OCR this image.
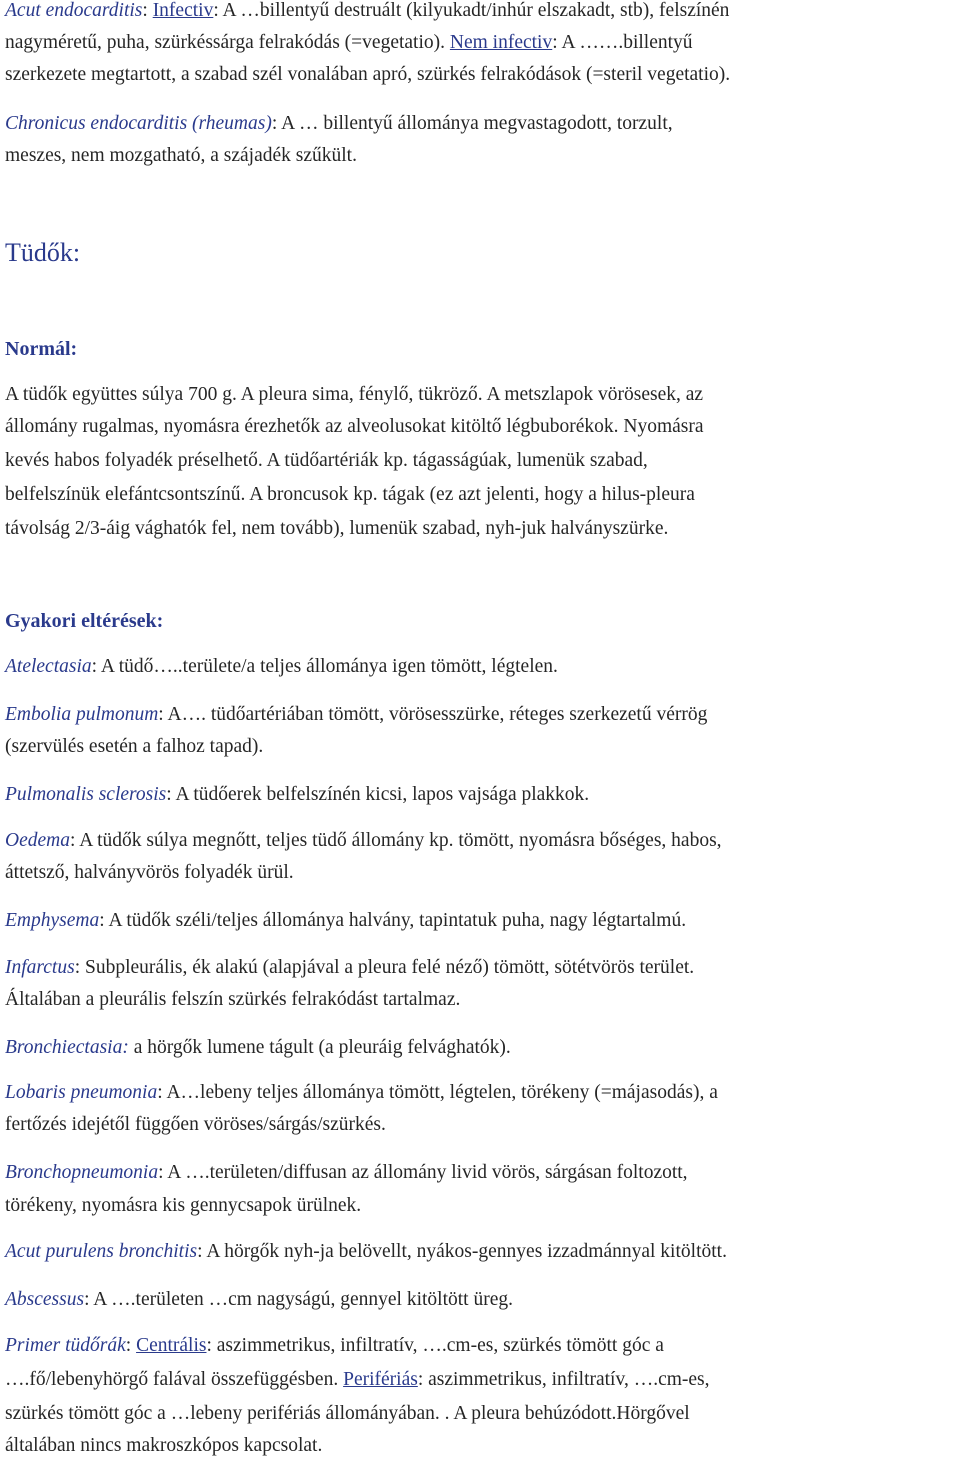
Acut endocarditis: Infectiv: A …billentyű destruált (kilyukadt/inhúr elszakadt, stb), felszínén
nagyméretű, puha, szürkéssárga felrakódás (=vegetatio). Nem infectiv: A …….billentyű
szerkezete megtartott, a szabad szél vonalában apró, szürkés felrakódások (=steril vegetatio).
Chronicus endocarditis (rheumas): A … billentyű állománya megvastagodott, torzult,
meszes, nem mozgatható, a szájadék szűkült.
Tüdők:
Normál:
A tüdők együttes súlya 700 g. A pleura sima, fénylő, tükröző. A metszlapok vörösesek, az
állomány rugalmas, nyomásra érezhetők az alveolusokat kitöltő légbuborékok. Nyomásra
kevés habos folyadék préselhető. A tüdőartériák kp. tágasságúak, lumenük szabad,
belfelszínük elefántcsontszínű. A broncusok kp. tágak (ez azt jelenti, hogy a hilus-pleura
távolság 2/3-áig vághatók fel, nem tovább), lumenük szabad, nyh-juk halványszürke.
Gyakori eltérések:
Atelectasia: A tüdő…..területe/a teljes állománya igen tömött, légtelen.
Embolia pulmonum: A…. tüdőartériában tömött, vörösesszürke, réteges szerkezetű vérrög
(szervülés esetén a falhoz tapad).
Pulmonalis sclerosis: A tüdőerek belfelszínén kicsi, lapos vajsága plakkok.
Oedema: A tüdők súlya megnőtt, teljes tüdő állomány kp. tömött, nyomásra bőséges, habos,
áttetsző, halványvörös folyadék ürül.
Emphysema: A tüdők széli/teljes állománya halvány, tapintatuk puha, nagy légtartalmú.
Infarctus: Subpleurális, ék alakú (alapjával a pleura felé néző) tömött, sötétvörös terület.
Általában a pleurális felszín szürkés felrakódást tartalmaz.
Bronchiectasia: a hörgők lumene tágult (a pleuráig felvághatók).
Lobaris pneumonia: A…lebeny teljes állománya tömött, légtelen, törékeny (=májasodás), a
fertőzés idejétől függően vöröses/sárgás/szürkés.
Bronchopneumonia: A ….területen/diffusan az állomány livid vörös, sárgásan foltozott,
törékeny, nyomásra kis gennycsapok ürülnek.
Acut purulens bronchitis: A hörgők nyh-ja belövellt, nyákos-gennyes izzadmánnyal kitöltött.
Abscessus: A ….területen …cm nagyságú, gennyel kitöltött üreg.
Primer tüdőrák: Centrális: aszimmetrikus, infiltratív, ….cm-es, szürkés tömött góc a
….fő/lebenyhörgő falával összefüggésben. Perifériás: aszimmetrikus, infiltratív, ….cm-es,
szürkés tömött góc a …lebeny perifériás állományában. . A pleura behúzódott.Hörgővel
általában nincs makroszkópos kapcsolat.
